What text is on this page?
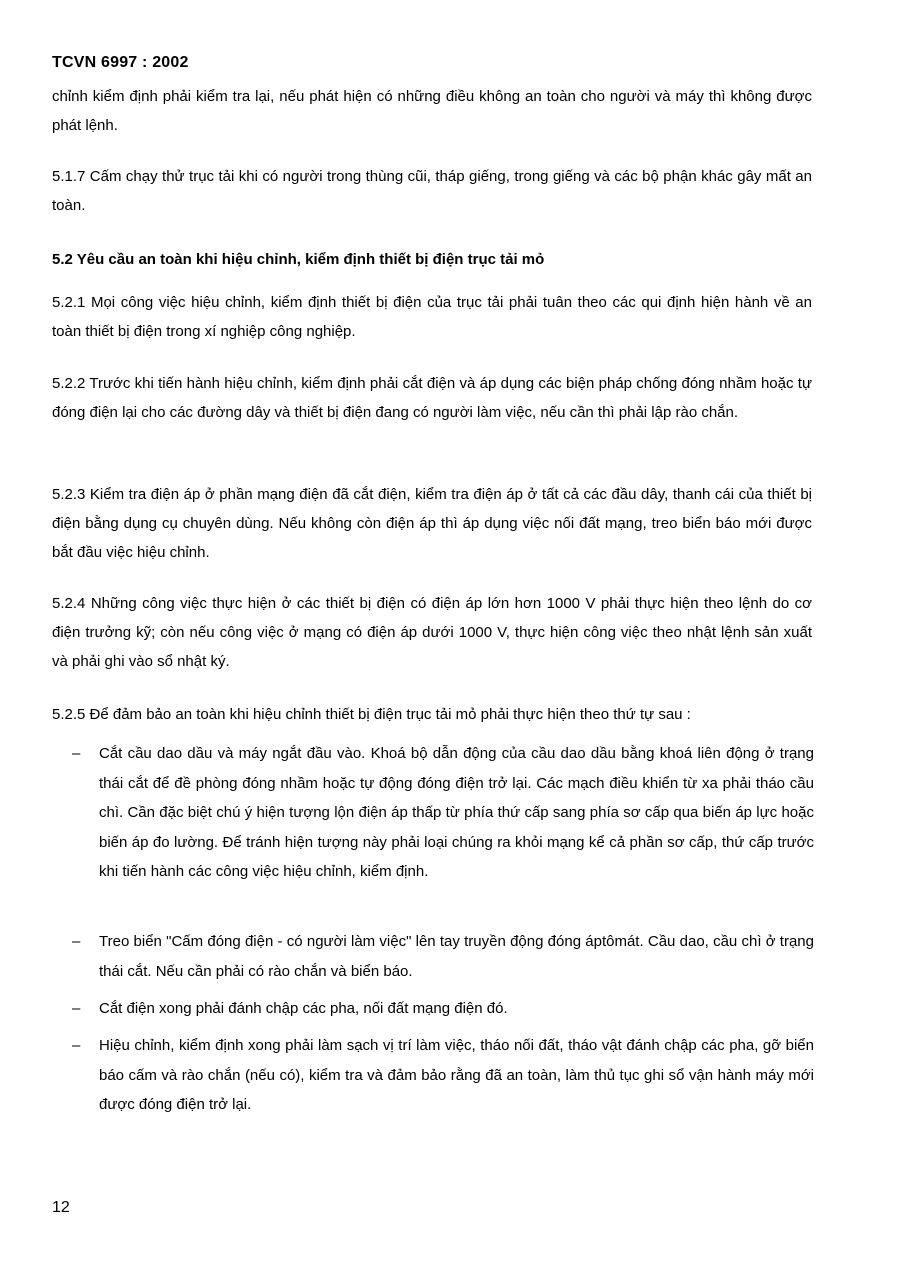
TCVN 6997 : 2002
chỉnh kiểm định phải kiểm tra lại, nếu phát hiện có những điều không an toàn cho người và máy thì không được phát lệnh.
5.1.7 Cấm chạy thử trục tải khi có người trong thùng cũi, tháp giếng, trong giếng và các bộ phận khác gây mất an toàn.
5.2 Yêu cầu an toàn khi hiệu chỉnh, kiểm định thiết bị điện trục tải mỏ
5.2.1 Mọi công việc hiệu chỉnh, kiểm định thiết bị điện của trục tải phải tuân theo các qui định hiện hành về an toàn thiết bị điện trong xí nghiệp công nghiệp.
5.2.2 Trước khi tiến hành hiệu chỉnh, kiểm định phải cắt điện và áp dụng các biện pháp chống đóng nhầm hoặc tự đóng điện lại cho các đường dây và thiết bị điện đang có người làm việc, nếu cần thì phải lập rào chắn.
5.2.3 Kiểm tra điện áp ở phần mạng điện đã cắt điện, kiểm tra điện áp ở tất cả các đầu dây, thanh cái của thiết bị điện bằng dụng cụ chuyên dùng. Nếu không còn điện áp thì áp dụng việc nối đất mạng, treo biển báo mới được bắt đầu việc hiệu chỉnh.
5.2.4 Những công việc thực hiện ở các thiết bị điện có điện áp lớn hơn 1000 V phải thực hiện theo lệnh do cơ điện trưởng kỹ; còn nếu công việc ở mạng có điện áp dưới 1000 V, thực hiện công việc theo nhật lệnh sản xuất và phải ghi vào sổ nhật ký.
5.2.5 Để đảm bảo an toàn khi hiệu chỉnh thiết bị điện trục tải mỏ phải thực hiện theo thứ tự sau :
–	Cắt cầu dao dầu và máy ngắt đầu vào. Khoá bộ dẫn động của cầu dao dầu bằng khoá liên động ở trạng thái cắt để đề phòng đóng nhầm hoặc tự động đóng điện trở lại. Các mạch điều khiển từ xa phải tháo cầu chì. Cần đặc biệt chú ý hiện tượng lộn điện áp thấp từ phía thứ cấp sang phía sơ cấp qua biến áp lực hoặc biến áp đo lường. Để tránh hiện tượng này phải loại chúng ra khỏi mạng kể cả phần sơ cấp, thứ cấp trước khi tiến hành các công việc hiệu chỉnh, kiểm định.
–	Treo biển "Cấm đóng điện - có người làm việc" lên tay truyền động đóng áptômát. Cầu dao, cầu chì ở trạng thái cắt. Nếu cần phải có rào chắn và biển báo.
–	Cắt điện xong phải đánh chập các pha, nối đất mạng điện đó.
–	Hiệu chỉnh, kiểm định xong phải làm sạch vị trí làm việc, tháo nối đất, tháo vật đánh chập các pha, gỡ biển báo cấm và rào chắn (nếu có), kiểm tra và đảm bảo rằng đã an toàn, làm thủ tục ghi sổ vận hành máy mới được đóng điện trở lại.
12
